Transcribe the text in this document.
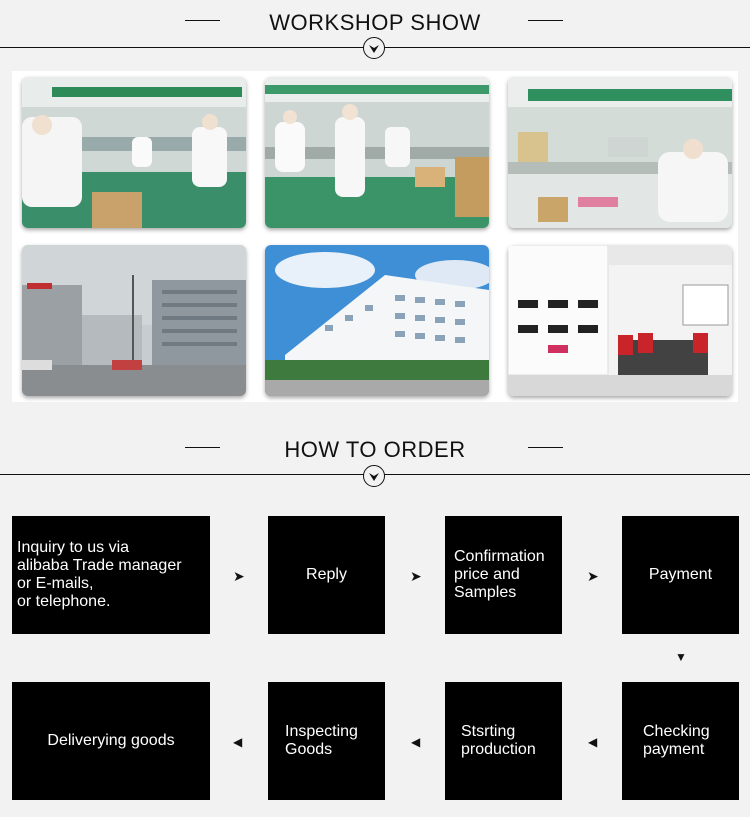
WORKSHOP SHOW
HOW TO ORDER
Inquiry to us via
alibaba Trade manager
or E-mails,
or telephone.
➤	Reply	➤
Confirmation
price and
Samples
➤	Payment
▼
Checking
payment
◀
Stsrting
production
◀
Inspecting
Goods
◀
Deliverying goods
